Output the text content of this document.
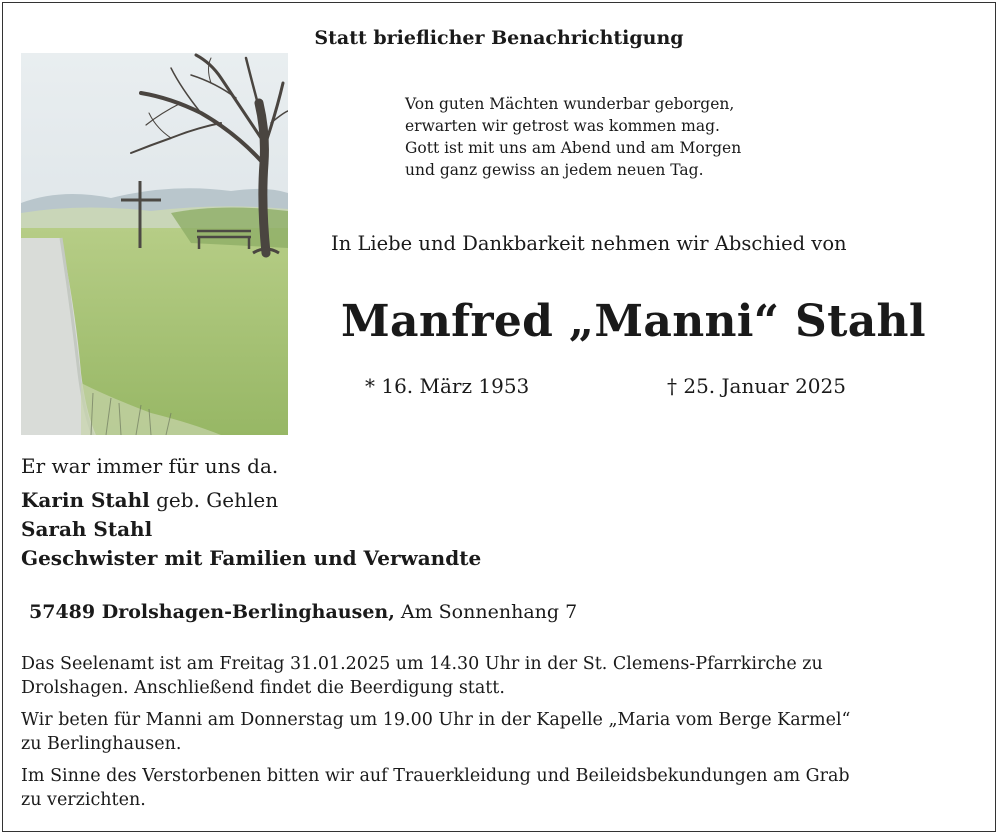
Statt brieflicher Benachrichtigung
Von guten Mächten wunderbar geborgen,
erwarten wir getrost was kommen mag.
Gott ist mit uns am Abend und am Morgen
und ganz gewiss an jedem neuen Tag.
In Liebe und Dankbarkeit nehmen wir Abschied von
Manfred „Manni“ Stahl
* 16. März 1953	† 25. Januar 2025
Er war immer für uns da.
Karin Stahl geb. Gehlen
Sarah Stahl
Geschwister mit Familien und Verwandte
57489 Drolshagen-Berlinghausen, Am Sonnenhang 7
Das Seelenamt ist am Freitag 31.01.2025 um 14.30 Uhr in der St. Clemens-Pfarrkirche zu
Drolshagen. Anschließend findet die Beerdigung statt.
Wir beten für Manni am Donnerstag um 19.00 Uhr in der Kapelle „Maria vom Berge Karmel“
zu Berlinghausen.
Im Sinne des Verstorbenen bitten wir auf Trauerkleidung und Beileidsbekundungen am Grab
zu verzichten.
